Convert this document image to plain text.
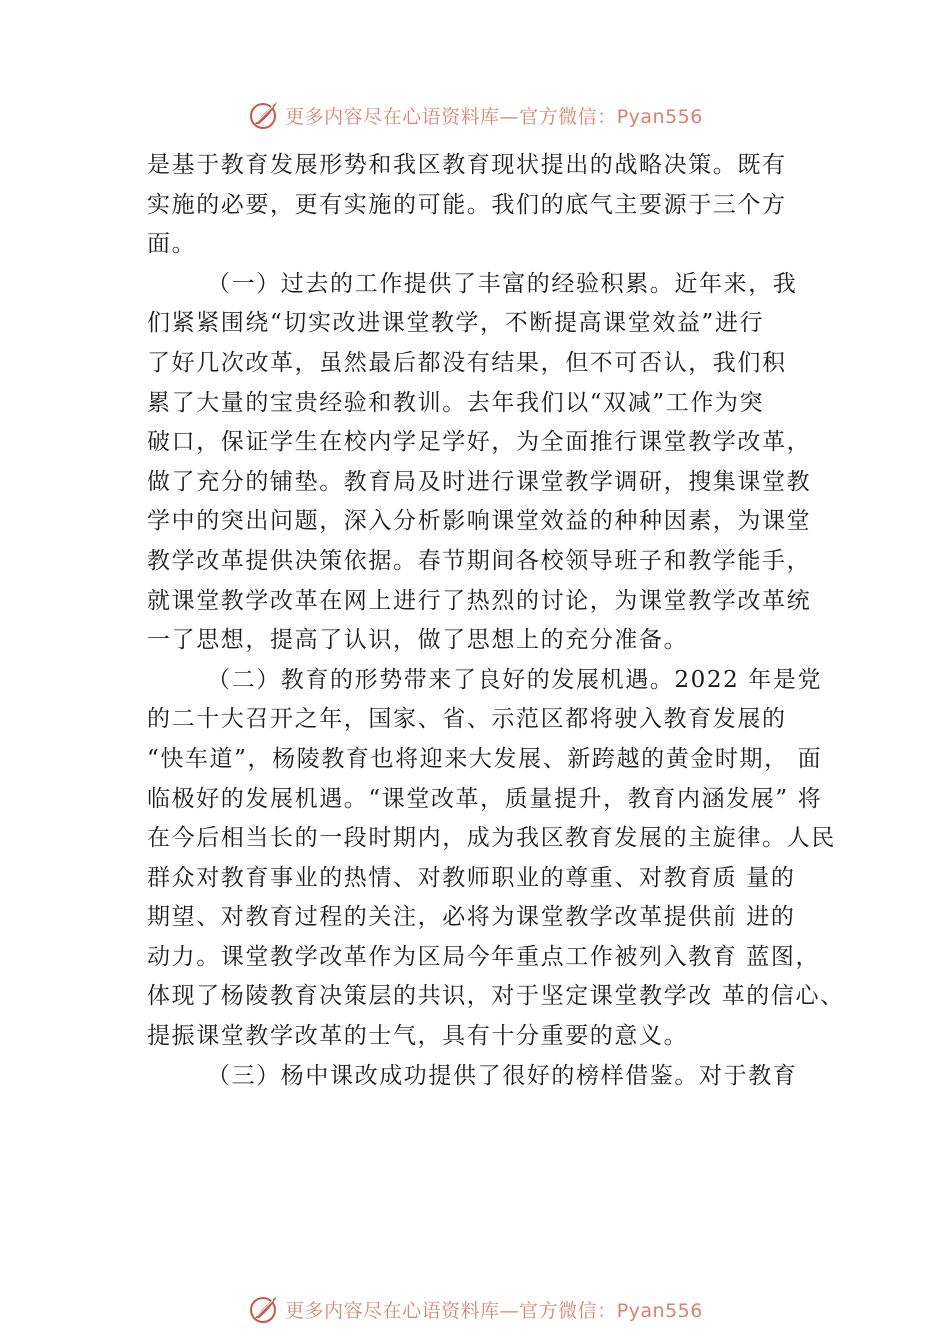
更多内容尽在心语资料库—官方微信：Pyan556
是基于教育发展形势和我区教育现状提出的战略决策。既有
实施的必要，更有实施的可能。我们的底气主要源于三个方
面。
（一）过去的工作提供了丰富的经验积累。近年来，我
们紧紧围绕“切实改进课堂教学，不断提高课堂效益”进行
了好几次改革，虽然最后都没有结果，但不可否认，我们积
累了大量的宝贵经验和教训。去年我们以“双减”工作为突
破口，保证学生在校内学足学好，为全面推行课堂教学改革，
做了充分的铺垫。教育局及时进行课堂教学调研，搜集课堂教
学中的突出问题，深入分析影响课堂效益的种种因素，为课堂
教学改革提供决策依据。春节期间各校领导班子和教学能手，
就课堂教学改革在网上进行了热烈的讨论，为课堂教学改革统
一了思想，提高了认识，做了思想上的充分准备。
（二）教育的形势带来了良好的发展机遇。2022 年是党
的二十大召开之年，国家、省、示范区都将驶入教育发展的
“快车道”，杨陵教育也将迎来大发展、新跨越的黄金时期， 面
临极好的发展机遇。“课堂改革，质量提升，教育内涵发展” 将
在今后相当长的一段时期内，成为我区教育发展的主旋律。人民
群众对教育事业的热情、对教师职业的尊重、对教育质 量的
期望、对教育过程的关注，必将为课堂教学改革提供前 进的
动力。课堂教学改革作为区局今年重点工作被列入教育 蓝图，
体现了杨陵教育决策层的共识，对于坚定课堂教学改 革的信心、
提振课堂教学改革的士气，具有十分重要的意义。
（三）杨中课改成功提供了很好的榜样借鉴。对于教育
更多内容尽在心语资料库—官方微信：Pyan556
